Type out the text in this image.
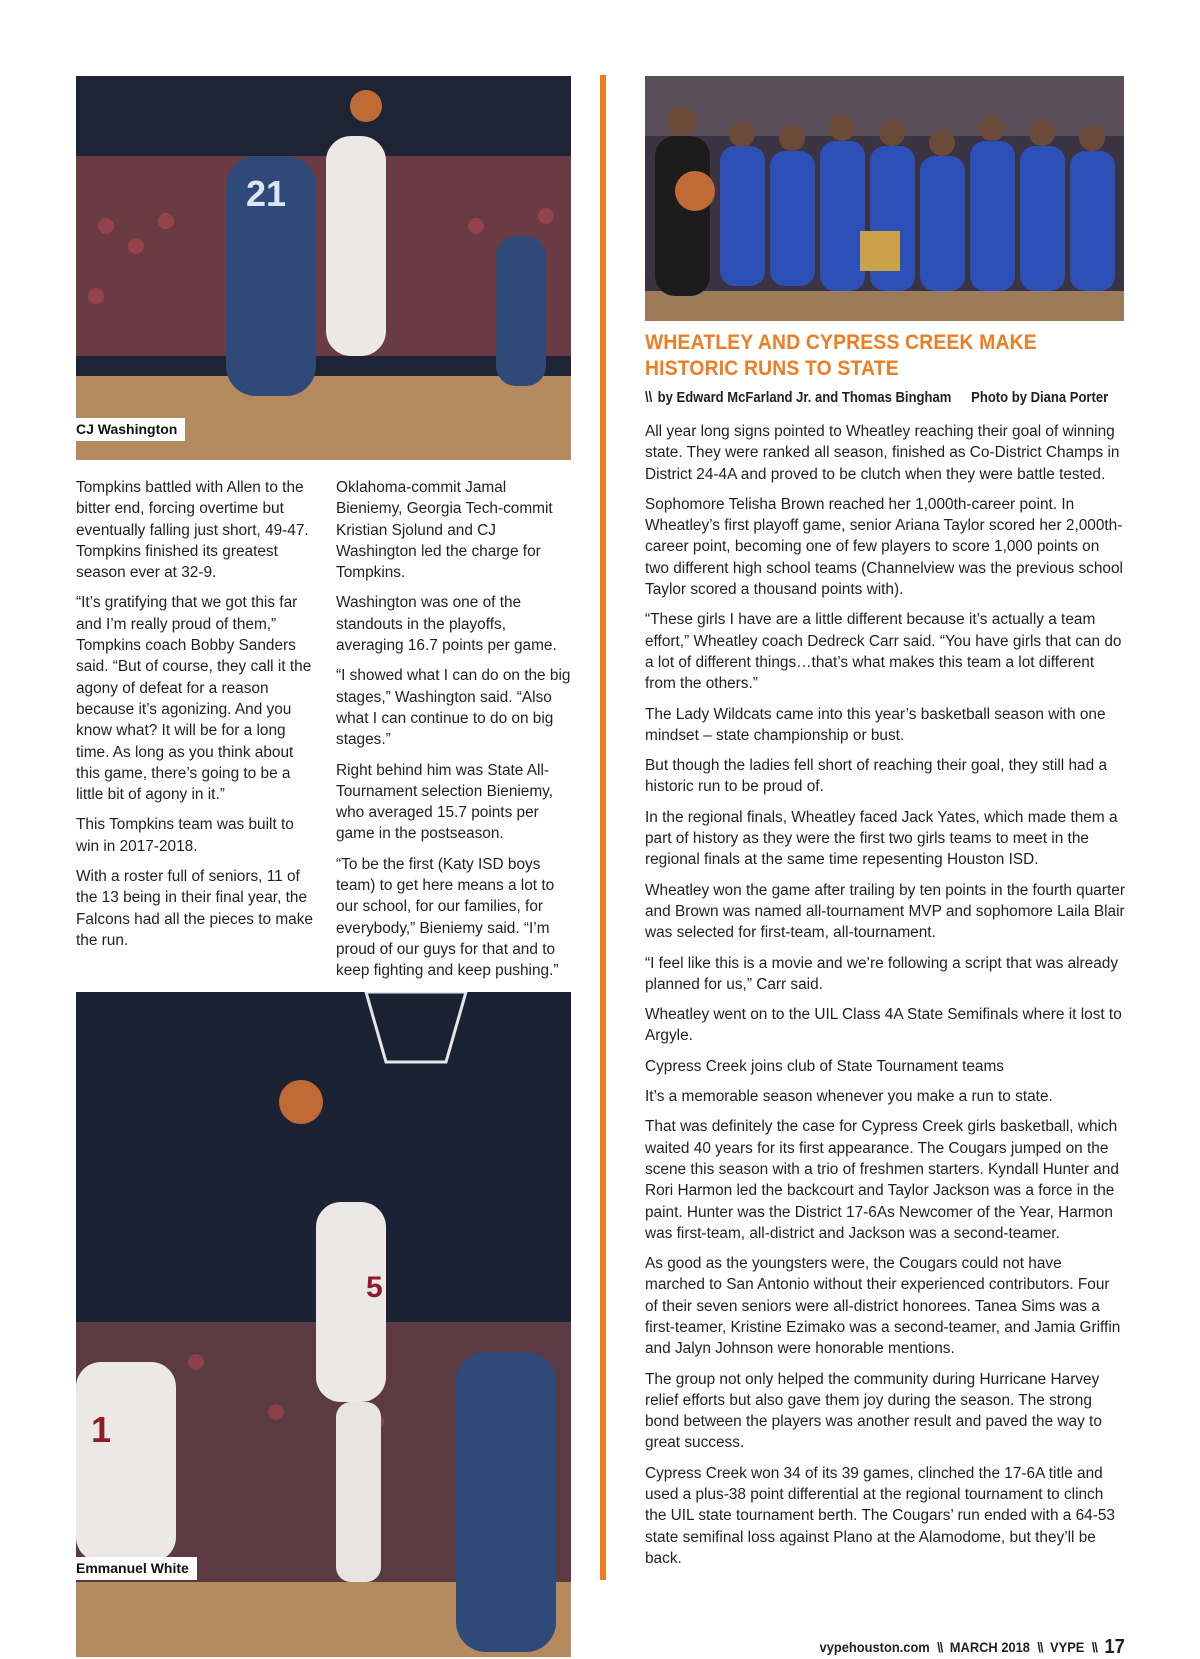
21
CJ Washington
5
1
Emmanuel White

Tompkins battled with Allen to the bitter end, forcing overtime but eventually falling just short, 49-47. Tompkins finished its greatest season ever at 32-9.

“It’s gratifying that we got this far and I’m really proud of them,” Tompkins coach Bobby Sanders said. “But of course, they call it the agony of defeat for a reason because it’s agonizing. And you know what? It will be for a long time. As long as you think about this game, there’s going to be a little bit of agony in it.”

This Tompkins team was built to win in 2017-2018.

With a roster full of seniors, 11 of the 13 being in their final year, the Falcons had all the pieces to make the run.

Oklahoma-commit Jamal Bieniemy, Georgia Tech-commit Kristian Sjolund and CJ Washington led the charge for Tompkins.

Washington was one of the standouts in the playoffs, averaging 16.7 points per game.

“I showed what I can do on the big stages,” Washington said. “Also what I can continue to do on big stages.”

Right behind him was State All-Tournament selection Bieniemy, who averaged 15.7 points per game in the postseason.

“To be the first (Katy ISD boys team) to get here means a lot to our school, for our families, for everybody,” Bieniemy said. “I’m proud of our guys for that and to keep fighting and keep pushing.”

WHEATLEY AND CYPRESS CREEK MAKE
HISTORIC RUNS TO STATE
\\ by Edward McFarland Jr. and Thomas Bingham Photo by Diana Porter

All year long signs pointed to Wheatley reaching their goal of winning state. They were ranked all season, finished as Co-District Champs in District 24-4A and proved to be clutch when they were battle tested.

Sophomore Telisha Brown reached her 1,000th-career point. In Wheatley’s first playoff game, senior Ariana Taylor scored her 2,000th-career point, becoming one of few players to score 1,000 points on two different high school teams (Channelview was the previous school Taylor scored a thousand points with).

“These girls I have are a little different because it’s actually a team effort,” Wheatley coach Dedreck Carr said. “You have girls that can do a lot of different things…that’s what makes this team a lot different from the others.”

The Lady Wildcats came into this year’s basketball season with one mindset – state championship or bust.

But though the ladies fell short of reaching their goal, they still had a historic run to be proud of.

In the regional finals, Wheatley faced Jack Yates, which made them a part of history as they were the first two girls teams to meet in the regional finals at the same time repesenting Houston ISD.

Wheatley won the game after trailing by ten points in the fourth quarter and Brown was named all-tournament MVP and sophomore Laila Blair was selected for first-team, all-tournament.

“I feel like this is a movie and we’re following a script that was already planned for us,” Carr said.

Wheatley went on to the UIL Class 4A State Semifinals where it lost to Argyle.

Cypress Creek joins club of State Tournament teams

It’s a memorable season whenever you make a run to state.

That was definitely the case for Cypress Creek girls basketball, which waited 40 years for its first appearance. The Cougars jumped on the scene this season with a trio of freshmen starters. Kyndall Hunter and Rori Harmon led the backcourt and Taylor Jackson was a force in the paint. Hunter was the District 17-6As Newcomer of the Year, Harmon was first-team, all-district and Jackson was a second-teamer.

As good as the youngsters were, the Cougars could not have marched to San Antonio without their experienced contributors. Four of their seven seniors were all-district honorees. Tanea Sims was a first-teamer, Kristine Ezimako was a second-teamer, and Jamia Griffin and Jalyn Johnson were honorable mentions.

The group not only helped the community during Hurricane Harvey relief efforts but also gave them joy during the season. The strong bond between the players was another result and paved the way to great success.

Cypress Creek won 34 of its 39 games, clinched the 17-6A title and used a plus-38 point differential at the regional tournament to clinch the UIL state tournament berth. The Cougars’ run ended with a 64-53 state semifinal loss against Plano at the Alamodome, but they’ll be back.

vypehouston.com \\ MARCH 2018 \\ VYPE \\ 17
